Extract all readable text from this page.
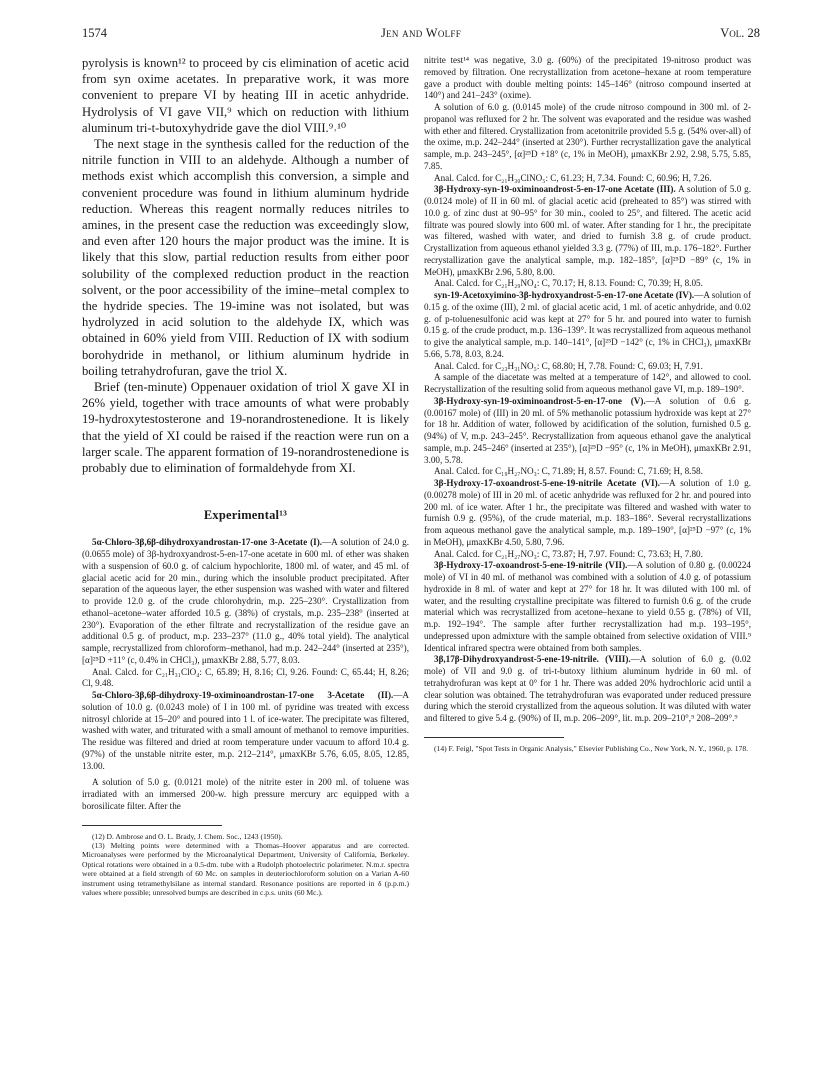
1574	Jen and Wolff	Vol. 28

pyrolysis is known¹² to proceed by cis elimination of acetic acid from syn oxime acetates. In preparative work, it was more convenient to prepare VI by heating III in acetic anhydride. Hydrolysis of VI gave VII,⁹ which on reduction with lithium aluminum tri-t-butoxyhydride gave the diol VIII.⁹˒¹⁰

The next stage in the synthesis called for the reduction of the nitrile function in VIII to an aldehyde. Although a number of methods exist which accomplish this conversion, a simple and convenient procedure was found in lithium aluminum hydride reduction. Whereas this reagent normally reduces nitriles to amines, in the present case the reduction was exceedingly slow, and even after 120 hours the major product was the imine. It is likely that this slow, partial reduction results from either poor solubility of the complexed reduction product in the reaction solvent, or the poor accessibility of the imine–metal complex to the hydride species. The 19-imine was not isolated, but was hydrolyzed in acid solution to the aldehyde IX, which was obtained in 60% yield from VIII. Reduction of IX with sodium borohydride in methanol, or lithium aluminum hydride in boiling tetrahydrofuran, gave the triol X.

Brief (ten-minute) Oppenauer oxidation of triol X gave XI in 26% yield, together with trace amounts of what were probably 19-hydroxytestosterone and 19-norandrostenedione. It is likely that the yield of XI could be raised if the reaction were run on a larger scale. The apparent formation of 19-norandrostenedione is probably due to elimination of formaldehyde from XI.

Experimental¹³

5α-Chloro-3β,6β-dihydroxyandrostan-17-one 3-Acetate (I).—A solution of 24.0 g. (0.0655 mole) of 3β-hydroxyandrost-5-en-17-one acetate in 600 ml. of ether was shaken with a suspension of 60.0 g. of calcium hypochlorite, 1800 ml. of water, and 45 ml. of glacial acetic acid for 20 min., during which the insoluble product precipitated. After separation of the aqueous layer, the ether suspension was washed with water and filtered to provide 12.0 g. of the crude chlorohydrin, m.p. 225–230°. Crystallization from ethanol–acetone–water afforded 10.5 g. (38%) of crystals, m.p. 235–238° (inserted at 230°). Evaporation of the ether filtrate and recrystallization of the residue gave an additional 0.5 g. of product, m.p. 233–237° (11.0 g., 40% total yield). The analytical sample, recrystallized from chloroform–methanol, had m.p. 242–244° (inserted at 235°), [α]²⁵D +11° (c, 0.4% in CHCl₃), μmaxKBr 2.88, 5.77, 8.03.

Anal. Calcd. for C₂₁H₃₁ClO₄: C, 65.89; H, 8.16; Cl, 9.26. Found: C, 65.44; H, 8.26; Cl, 9.48.

5α-Chloro-3β,6β-dihydroxy-19-oximinoandrostan-17-one 3-Acetate (II).—A solution of 10.0 g. (0.0243 mole) of I in 100 ml. of pyridine was treated with excess nitrosyl chloride at 15–20° and poured into 1 l. of ice-water. The precipitate was filtered, washed with water, and triturated with a small amount of methanol to remove impurities. The residue was filtered and dried at room temperature under vacuum to afford 10.4 g. (97%) of the unstable nitrite ester, m.p. 212–214°, μmaxKBr 5.76, 6.05, 8.05, 12.85, 13.00.

A solution of 5.0 g. (0.0121 mole) of the nitrite ester in 200 ml. of toluene was irradiated with an immersed 200-w. high pressure mercury arc equipped with a borosilicate filter. After the

(12) D. Ambrose and O. L. Brady, J. Chem. Soc., 1243 (1950).

(13) Melting points were determined with a Thomas–Hoover apparatus and are corrected. Microanalyses were performed by the Microanalytical Department, University of California, Berkeley. Optical rotations were obtained in a 0.5-dm. tube with a Rudolph photoelectric polarimeter. N.m.r. spectra were obtained at a field strength of 60 Mc. on samples in deuteriochloroform solution on a Varian A-60 instrument using tetramethylsilane as internal standard. Resonance positions are reported in δ (p.p.m.) values where possible; unresolved bumps are described in c.p.s. units (60 Mc.).

nitrite test¹⁴ was negative, 3.0 g. (60%) of the precipitated 19-nitroso product was removed by filtration. One recrystallization from acetone–hexane at room temperature gave a product with double melting points: 145–146° (nitroso compound inserted at 140°) and 241–243° (oxime).

A solution of 6.0 g. (0.0145 mole) of the crude nitroso compound in 300 ml. of 2-propanol was refluxed for 2 hr. The solvent was evaporated and the residue was washed with ether and filtered. Crystallization from acetonitrile provided 5.5 g. (54% over-all) of the oxime, m.p. 242–244° (inserted at 230°). Further recrystallization gave the analytical sample, m.p. 243–245°, [α]²⁵D +18° (c, 1% in MeOH), μmaxKBr 2.92, 2.98, 5.75, 5.85, 7.85.

Anal. Calcd. for C₂₁H₃₀ClNO₅: C, 61.23; H, 7.34. Found: C, 60.96; H, 7.26.

3β-Hydroxy-syn-19-oximinoandrost-5-en-17-one Acetate (III). A solution of 5.0 g. (0.0124 mole) of II in 60 ml. of glacial acetic acid (preheated to 85°) was stirred with 10.0 g. of zinc dust at 90–95° for 30 min., cooled to 25°, and filtered. The acetic acid filtrate was poured slowly into 600 ml. of water. After standing for 1 hr., the precipitate was filtered, washed with water, and dried to furnish 3.8 g. of crude product. Crystallization from aqueous ethanol yielded 3.3 g. (77%) of III, m.p. 176–182°. Further recrystallization gave the analytical sample, m.p. 182–185°, [α]²⁵D −89° (c, 1% in MeOH), μmaxKBr 2.96, 5.80, 8.00.

Anal. Calcd. for C₂₁H₂₉NO₄: C, 70.17; H, 8.13. Found: C, 70.39; H, 8.05.

syn-19-Acetoxyimino-3β-hydroxyandrost-5-en-17-one Acetate (IV).—A solution of 0.15 g. of the oxime (III), 2 ml. of glacial acetic acid, 1 ml. of acetic anhydride, and 0.02 g. of p-toluenesulfonic acid was kept at 27° for 5 hr. and poured into water to furnish 0.15 g. of the crude product, m.p. 136–139°. It was recrystallized from aqueous methanol to give the analytical sample, m.p. 140–141°, [α]²⁵D −142° (c, 1% in CHCl₃), μmaxKBr 5.66, 5.78, 8.03, 8.24.

Anal. Calcd. for C₂₃H₃₁NO₅: C, 68.80; H, 7.78. Found: C, 69.03; H, 7.91.

A sample of the diacetate was melted at a temperature of 142°, and allowed to cool. Recrystallization of the resulting solid from aqueous methanol gave VI, m.p. 189–190°.

3β-Hydroxy-syn-19-oximinoandrost-5-en-17-one (V).—A solution of 0.6 g. (0.00167 mole) of (III) in 20 ml. of 5% methanolic potassium hydroxide was kept at 27° for 18 hr. Addition of water, followed by acidification of the solution, furnished 0.5 g. (94%) of V, m.p. 243–245°. Recrystallization from aqueous ethanol gave the analytical sample, m.p. 245–246° (inserted at 235°), [α]²⁵D −95° (c, 1% in MeOH), μmaxKBr 2.91, 3.00, 5.78.

Anal. Calcd. for C₁₉H₂₇NO₃: C, 71.89; H, 8.57. Found: C, 71.69; H, 8.58.

3β-Hydroxy-17-oxoandrost-5-ene-19-nitrile Acetate (VI).—A solution of 1.0 g. (0.00278 mole) of III in 20 ml. of acetic anhydride was refluxed for 2 hr. and poured into 200 ml. of ice water. After 1 hr., the precipitate was filtered and washed with water to furnish 0.9 g. (95%), of the crude material, m.p. 183–186°. Several recrystallizations from aqueous methanol gave the analytical sample, m.p. 189–190°, [α]²⁵D −97° (c, 1% in MeOH), μmaxKBr 4.50, 5.80, 7.96.

Anal. Calcd. for C₂₁H₂₇NO₃: C, 73.87; H, 7.97. Found: C, 73.63; H, 7.80.

3β-Hydroxy-17-oxoandrost-5-ene-19-nitrile (VII).—A solution of 0.80 g. (0.00224 mole) of VI in 40 ml. of methanol was combined with a solution of 4.0 g. of potassium hydroxide in 8 ml. of water and kept at 27° for 18 hr. It was diluted with 100 ml. of water, and the resulting crystalline precipitate was filtered to furnish 0.6 g. of the crude material which was recrystallized from acetone–hexane to yield 0.55 g. (78%) of VII, m.p. 192–194°. The sample after further recrystallization had m.p. 193–195°, undepressed upon admixture with the sample obtained from selective oxidation of VIII.⁹ Identical infrared spectra were obtained from both samples.

3β,17β-Dihydroxyandrost-5-ene-19-nitrile. (VIII).—A solution of 6.0 g. (0.02 mole) of VII and 9.0 g. of tri-t-butoxy lithium aluminum hydride in 60 ml. of tetrahydrofuran was kept at 0° for 1 hr. There was added 20% hydrochloric acid until a clear solution was obtained. The tetrahydrofuran was evaporated under reduced pressure during which the steroid crystallized from the aqueous solution. It was diluted with water and filtered to give 5.4 g. (90%) of II, m.p. 206–209°, lit. m.p. 209–210°,⁹ 208–209°.⁹

(14) F. Feigl, "Spot Tests in Organic Analysis," Elsevier Publishing Co., New York, N. Y., 1960, p. 178.
